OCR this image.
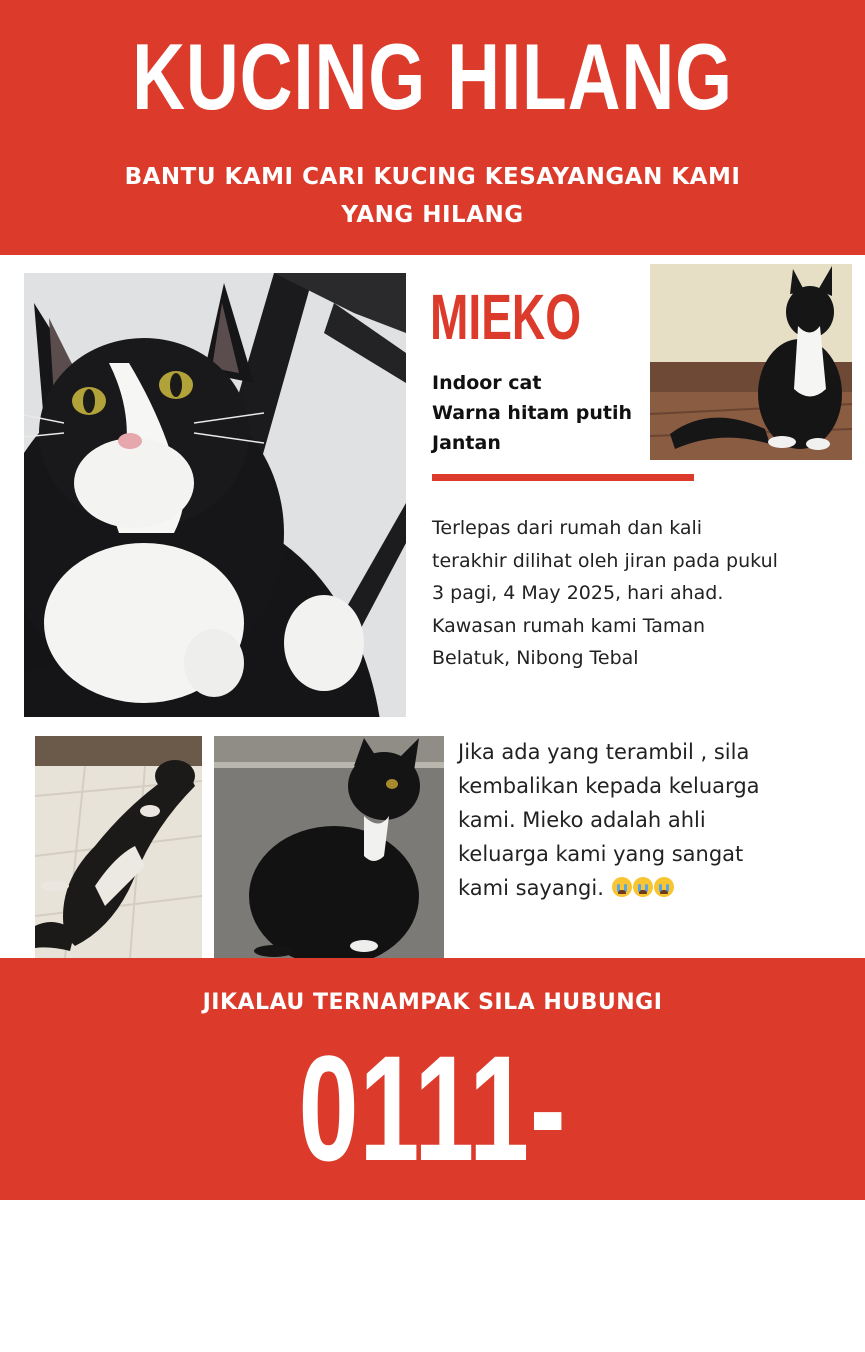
KUCING HILANG
BANTU KAMI CARI KUCING KESAYANGAN KAMI
YANG HILANG
MIEKO
Indoor cat
Warna hitam putih
Jantan
Terlepas dari rumah dan kali
terakhir dilihat oleh jiran pada pukul
3 pagi, 4 May 2025, hari ahad.
Kawasan rumah kami Taman
Belatuk, Nibong Tebal
Jika ada yang terambil , sila
kembalikan kepada keluarga
kami. Mieko adalah ahli
keluarga kami yang sangat
kami sayangi.
JIKALAU TERNAMPAK SILA HUBUNGI
0111-9032084
